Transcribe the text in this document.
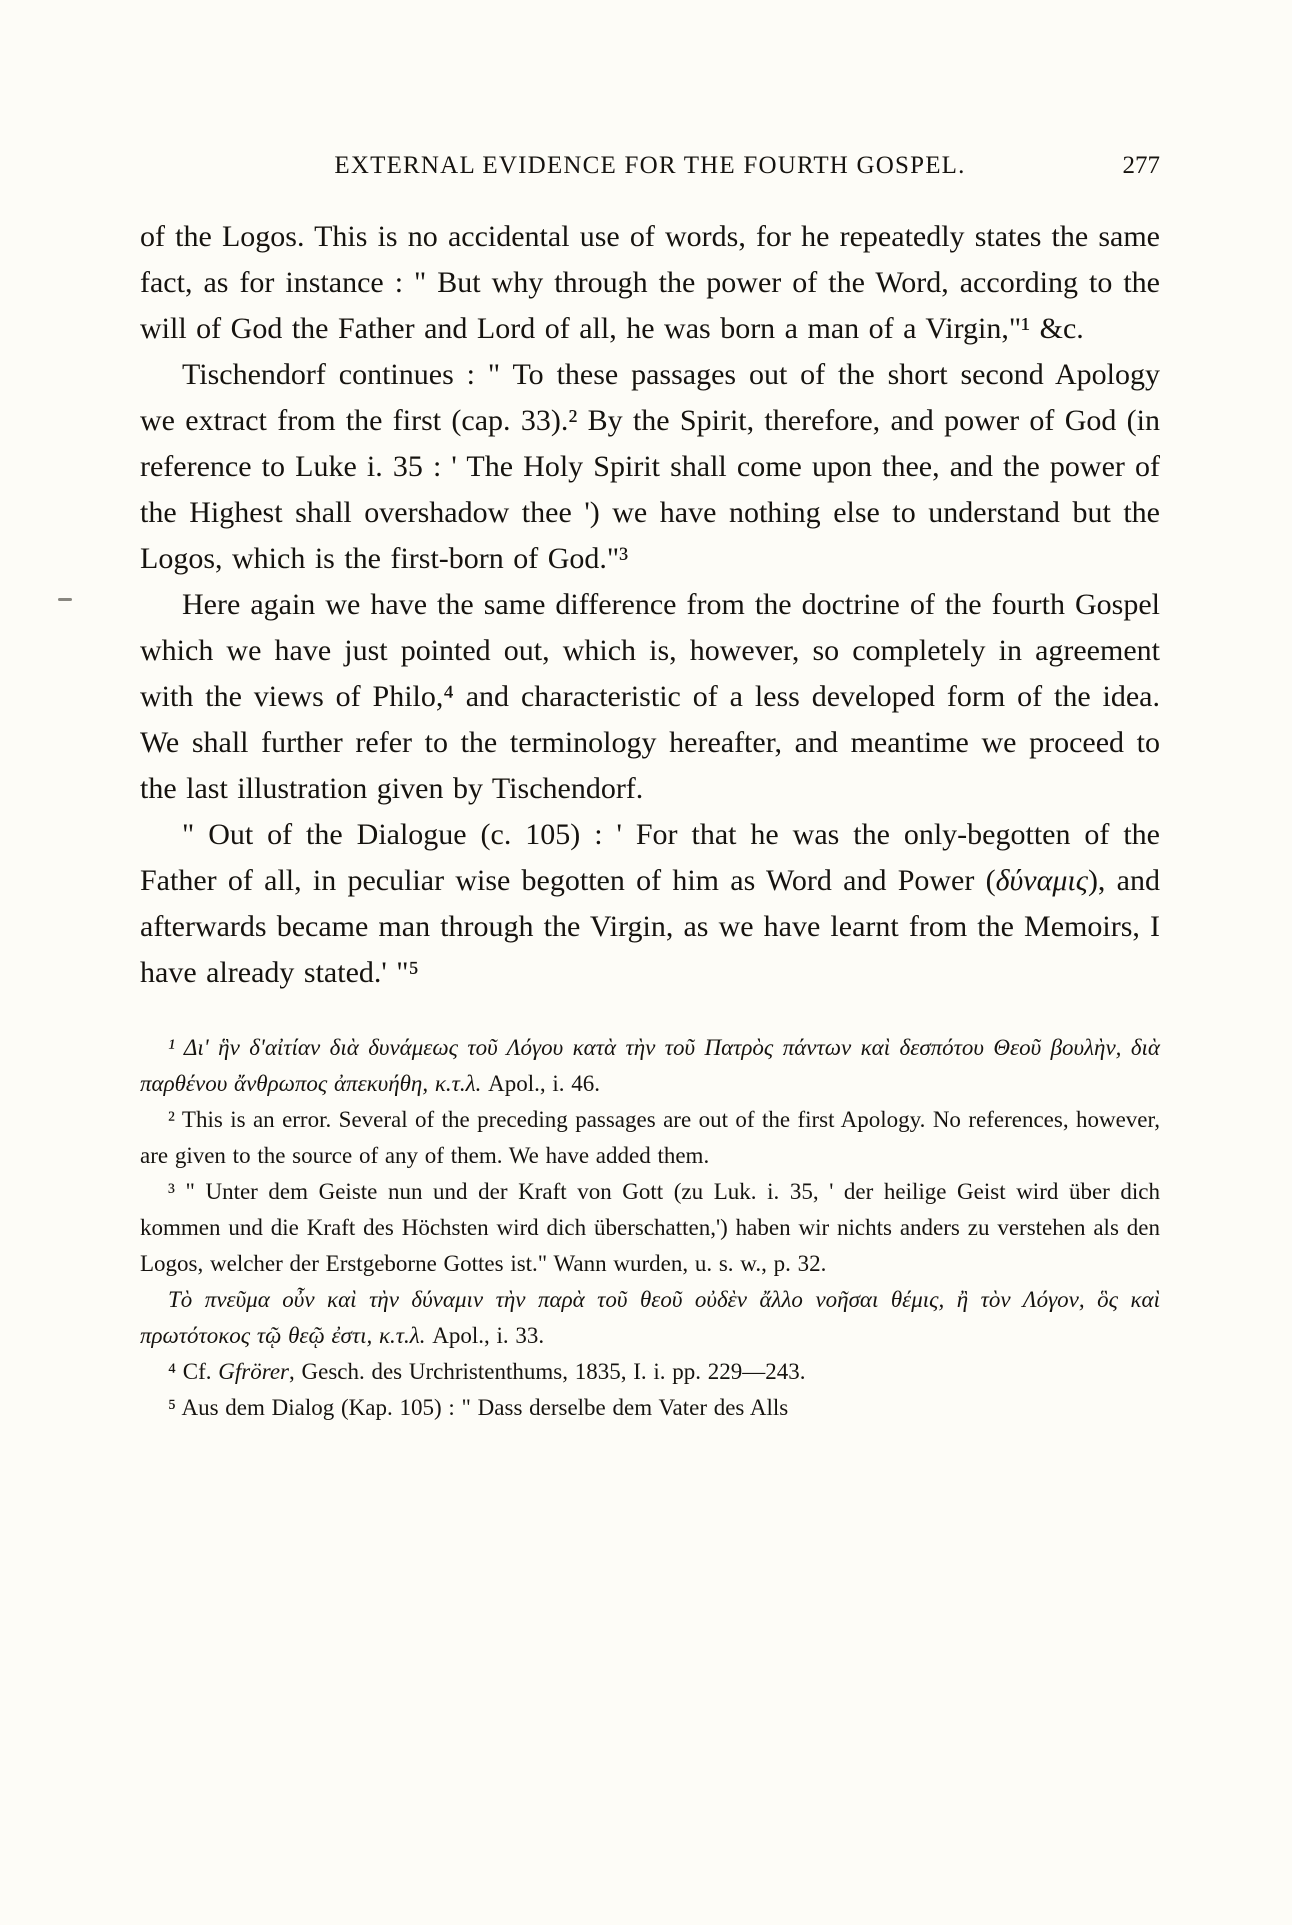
EXTERNAL EVIDENCE FOR THE FOURTH GOSPEL.	277

of the Logos. This is no accidental use of words, for he repeatedly states the same fact, as for instance : " But why through the power of the Word, according to the will of God the Father and Lord of all, he was born a man of a Virgin,"¹ &c.

Tischendorf continues : " To these passages out of the short second Apology we extract from the first (cap. 33).² By the Spirit, therefore, and power of God (in reference to Luke i. 35 : ' The Holy Spirit shall come upon thee, and the power of the Highest shall overshadow thee ') we have nothing else to understand but the Logos, which is the first-born of God."³

Here again we have the same difference from the doctrine of the fourth Gospel which we have just pointed out, which is, however, so completely in agreement with the views of Philo,⁴ and characteristic of a less developed form of the idea. We shall further refer to the terminology hereafter, and meantime we proceed to the last illustration given by Tischendorf.

" Out of the Dialogue (c. 105) : ' For that he was the only-begotten of the Father of all, in peculiar wise begotten of him as Word and Power (δύναμις), and afterwards became man through the Virgin, as we have learnt from the Memoirs, I have already stated.' "⁵

¹ Δι' ἣν δ'αἰτίαν διὰ δυνάμεως τοῦ Λόγου κατὰ τὴν τοῦ Πατρὸς πάντων καὶ δεσπότου Θεοῦ βουλὴν, διὰ παρθένου ἄνθρωπος ἀπεκυήθη, κ.τ.λ. Apol., i. 46.

² This is an error. Several of the preceding passages are out of the first Apology. No references, however, are given to the source of any of them. We have added them.

³ " Unter dem Geiste nun und der Kraft von Gott (zu Luk. i. 35, ' der heilige Geist wird über dich kommen und die Kraft des Höchsten wird dich überschatten,') haben wir nichts anders zu verstehen als den Logos, welcher der Erstgeborne Gottes ist." Wann wurden, u. s. w., p. 32.

Τὸ πνεῦμα οὖν καὶ τὴν δύναμιν τὴν παρὰ τοῦ θεοῦ οὐδὲν ἄλλο νοῆσαι θέμις, ἢ τὸν Λόγον, ὃς καὶ πρωτότοκος τῷ θεῷ ἐστι, κ.τ.λ. Apol., i. 33.

⁴ Cf. Gfrörer, Gesch. des Urchristenthums, 1835, I. i. pp. 229—243.

⁵ Aus dem Dialog (Kap. 105) : " Dass derselbe dem Vater des Alls
